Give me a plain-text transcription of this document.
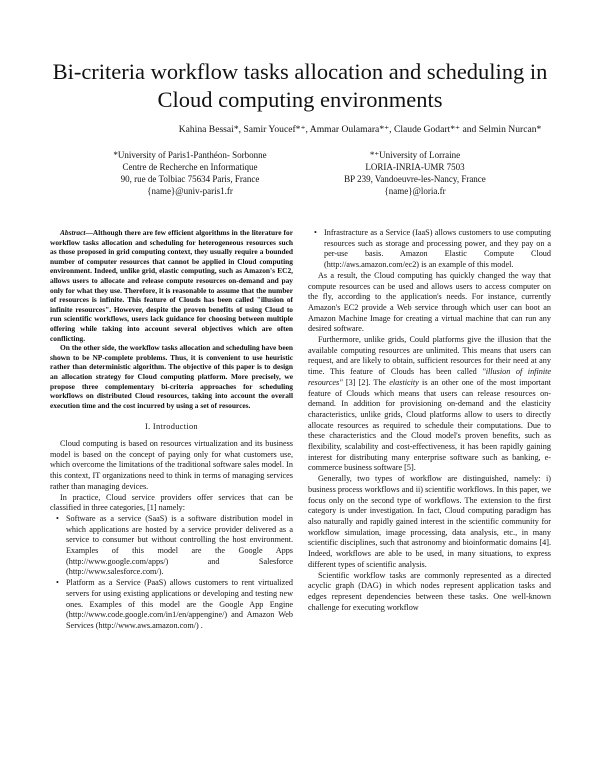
Bi-criteria workflow tasks allocation and scheduling in Cloud computing environments
Kahina Bessai*, Samir Youcef*⁺, Ammar Oulamara*⁺, Claude Godart*⁺ and Selmin Nurcan*
*University of Paris1-Panthéon- Sorbonne
Centre de Recherche en Informatique
90, rue de Tolbiac 75634 Paris, France
{name}@univ-paris1.fr
*⁺University of Lorraine
LORIA-INRIA-UMR 7503
BP 239, Vandoeuvre-les-Nancy, France
{name}@loria.fr

Abstract—Although there are few efficient algorithms in the literature for workflow tasks allocation and scheduling for heterogeneous resources such as those proposed in grid computing context, they usually require a bounded number of computer resources that cannot be applied in Cloud computing environment. Indeed, unlike grid, elastic computing, such as Amazon's EC2, allows users to allocate and release compute resources on-demand and pay only for what they use. Therefore, it is reasonable to assume that the number of resources is infinite. This feature of Clouds has been called "illusion of infinite resources". However, despite the proven benefits of using Cloud to run scientific workflows, users lack guidance for choosing between multiple offering while taking into account several objectives which are often conflicting.

On the other side, the workflow tasks allocation and scheduling have been shown to be NP-complete problems. Thus, it is convenient to use heuristic rather than deterministic algorithm. The objective of this paper is to design an allocation strategy for Cloud computing platform. More precisely, we propose three complementary bi-criteria approaches for scheduling workflows on distributed Cloud resources, taking into account the overall execution time and the cost incurred by using a set of resources.

I. Introduction

Cloud computing is based on resources virtualization and its business model is based on the concept of paying only for what customers use, which overcome the limitations of the traditional software sales model. In this context, IT organizations need to think in terms of managing services rather than managing devices.

In practice, Cloud service providers offer services that can be classified in three categories, [1] namely:

• Software as a service (SaaS) is a software distribution model in which applications are hosted by a service provider delivered as a service to consumer but without controlling the host environment. Examples of this model are the Google Apps (http://www.google.com/apps/) and Salesforce (http://www.salesforce.com/).
• Platform as a Service (PaaS) allows customers to rent virtualized servers for using existing applications or developing and testing new ones. Examples of this model are the Google App Engine (http://www.code.google.com/in1/en/appengine/) and Amazon Web Services (http://www.aws.amazon.com/) .
• Infrastracture as a Service (IaaS) allows customers to use computing resources such as storage and processing power, and they pay on a per-use basis. Amazon Elastic Compute Cloud (http://aws.amazon.com/ec2) is an example of this model.

As a result, the Cloud computing has quickly changed the way that compute resources can be used and allows users to access computer on the fly, according to the application's needs. For instance, currently Amazon's EC2 provide a Web service through which user can boot an Amazon Machine Image for creating a virtual machine that can run any desired software.

Furthermore, unlike grids, Could platforms give the illusion that the available computing resources are unlimited. This means that users can request, and are likely to obtain, sufficient resources for their need at any time. This feature of Clouds has been called "illusion of infinite resources" [3] [2]. The elasticity is an other one of the most important feature of Clouds which means that users can release resources on-demand. In addition for provisioning on-demand and the elasticity characteristics, unlike grids, Cloud platforms allow to users to directly allocate resources as required to schedule their computations. Due to these characteristics and the Cloud model's proven benefits, such as flexibility, scalability and cost-effectiveness, it has been rapidly gaining interest for distributing many enterprise software such as banking, e-commerce business software [5].

Generally, two types of workflow are distinguished, namely: i) business process workflows and ii) scientific workflows. In this paper, we focus only on the second type of workflows. The extension to the first category is under investigation. In fact, Cloud computing paradigm has also naturally and rapidly gained interest in the scientific community for workflow simulation, image processing, data analysis, etc., in many scientific disciplines, such that astronomy and bioinformatic domains [4]. Indeed, workflows are able to be used, in many situations, to express different types of scientific analysis.

Scientific workflow tasks are commonly represented as a directed acyclic graph (DAG) in which nodes represent application tasks and edges represent dependencies between these tasks. One well-known challenge for executing workflow
